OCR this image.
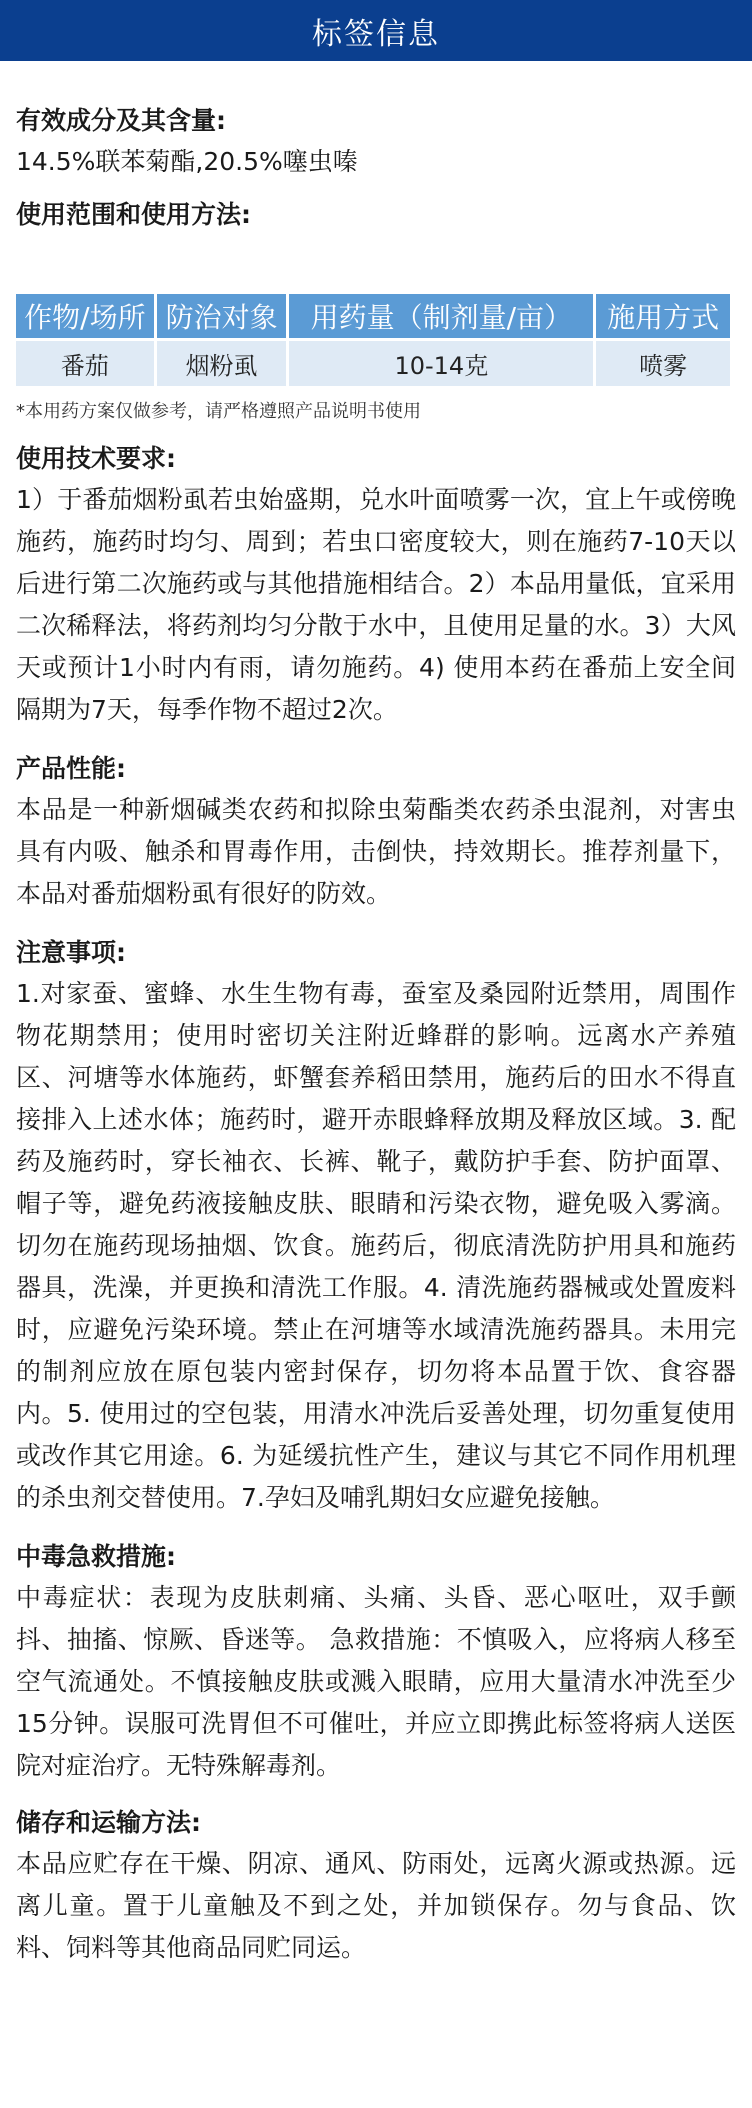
标签信息
有效成分及其含量:
14.5%联苯菊酯,20.5%噻虫嗪
使用范围和使用方法:
作物/场所	防治对象	用药量（制剂量/亩）	施用方式
番茄	烟粉虱	10-14克	喷雾
*本用药方案仅做参考，请严格遵照产品说明书使用
使用技术要求:
1）于番茄烟粉虱若虫始盛期，兑水叶面喷雾一次，宜上午或傍晚施药，施药时均匀、周到；若虫口密度较大，则在施药7-10天以后进行第二次施药或与其他措施相结合。2）本品用量低，宜采用二次稀释法，将药剂均匀分散于水中，且使用足量的水。3）大风天或预计1小时内有雨，请勿施药。4) 使用本药在番茄上安全间隔期为7天，每季作物不超过2次。
产品性能:
本品是一种新烟碱类农药和拟除虫菊酯类农药杀虫混剂，对害虫具有内吸、触杀和胃毒作用，击倒快，持效期长。推荐剂量下，本品对番茄烟粉虱有很好的防效。
注意事项:
1.对家蚕、蜜蜂、水生生物有毒，蚕室及桑园附近禁用，周围作物花期禁用；使用时密切关注附近蜂群的影响。远离水产养殖区、河塘等水体施药，虾蟹套养稻田禁用，施药后的田水不得直接排入上述水体；施药时，避开赤眼蜂释放期及释放区域。3. 配药及施药时，穿长袖衣、长裤、靴子，戴防护手套、防护面罩、帽子等，避免药液接触皮肤、眼睛和污染衣物，避免吸入雾滴。切勿在施药现场抽烟、饮食。施药后，彻底清洗防护用具和施药器具，洗澡，并更换和清洗工作服。4. 清洗施药器械或处置废料时，应避免污染环境。禁止在河塘等水域清洗施药器具。未用完的制剂应放在原包装内密封保存，切勿将本品置于饮、食容器内。5. 使用过的空包装，用清水冲洗后妥善处理，切勿重复使用或改作其它用途。6. 为延缓抗性产生，建议与其它不同作用机理的杀虫剂交替使用。7.孕妇及哺乳期妇女应避免接触。
中毒急救措施:
中毒症状：表现为皮肤刺痛、头痛、头昏、恶心呕吐，双手颤抖、抽搐、惊厥、昏迷等。 急救措施：不慎吸入，应将病人移至空气流通处。不慎接触皮肤或溅入眼睛，应用大量清水冲洗至少15分钟。误服可洗胃但不可催吐，并应立即携此标签将病人送医院对症治疗。无特殊解毒剂。
储存和运输方法:
本品应贮存在干燥、阴凉、通风、防雨处，远离火源或热源。远离儿童。置于儿童触及不到之处，并加锁保存。勿与食品、饮料、饲料等其他商品同贮同运。
